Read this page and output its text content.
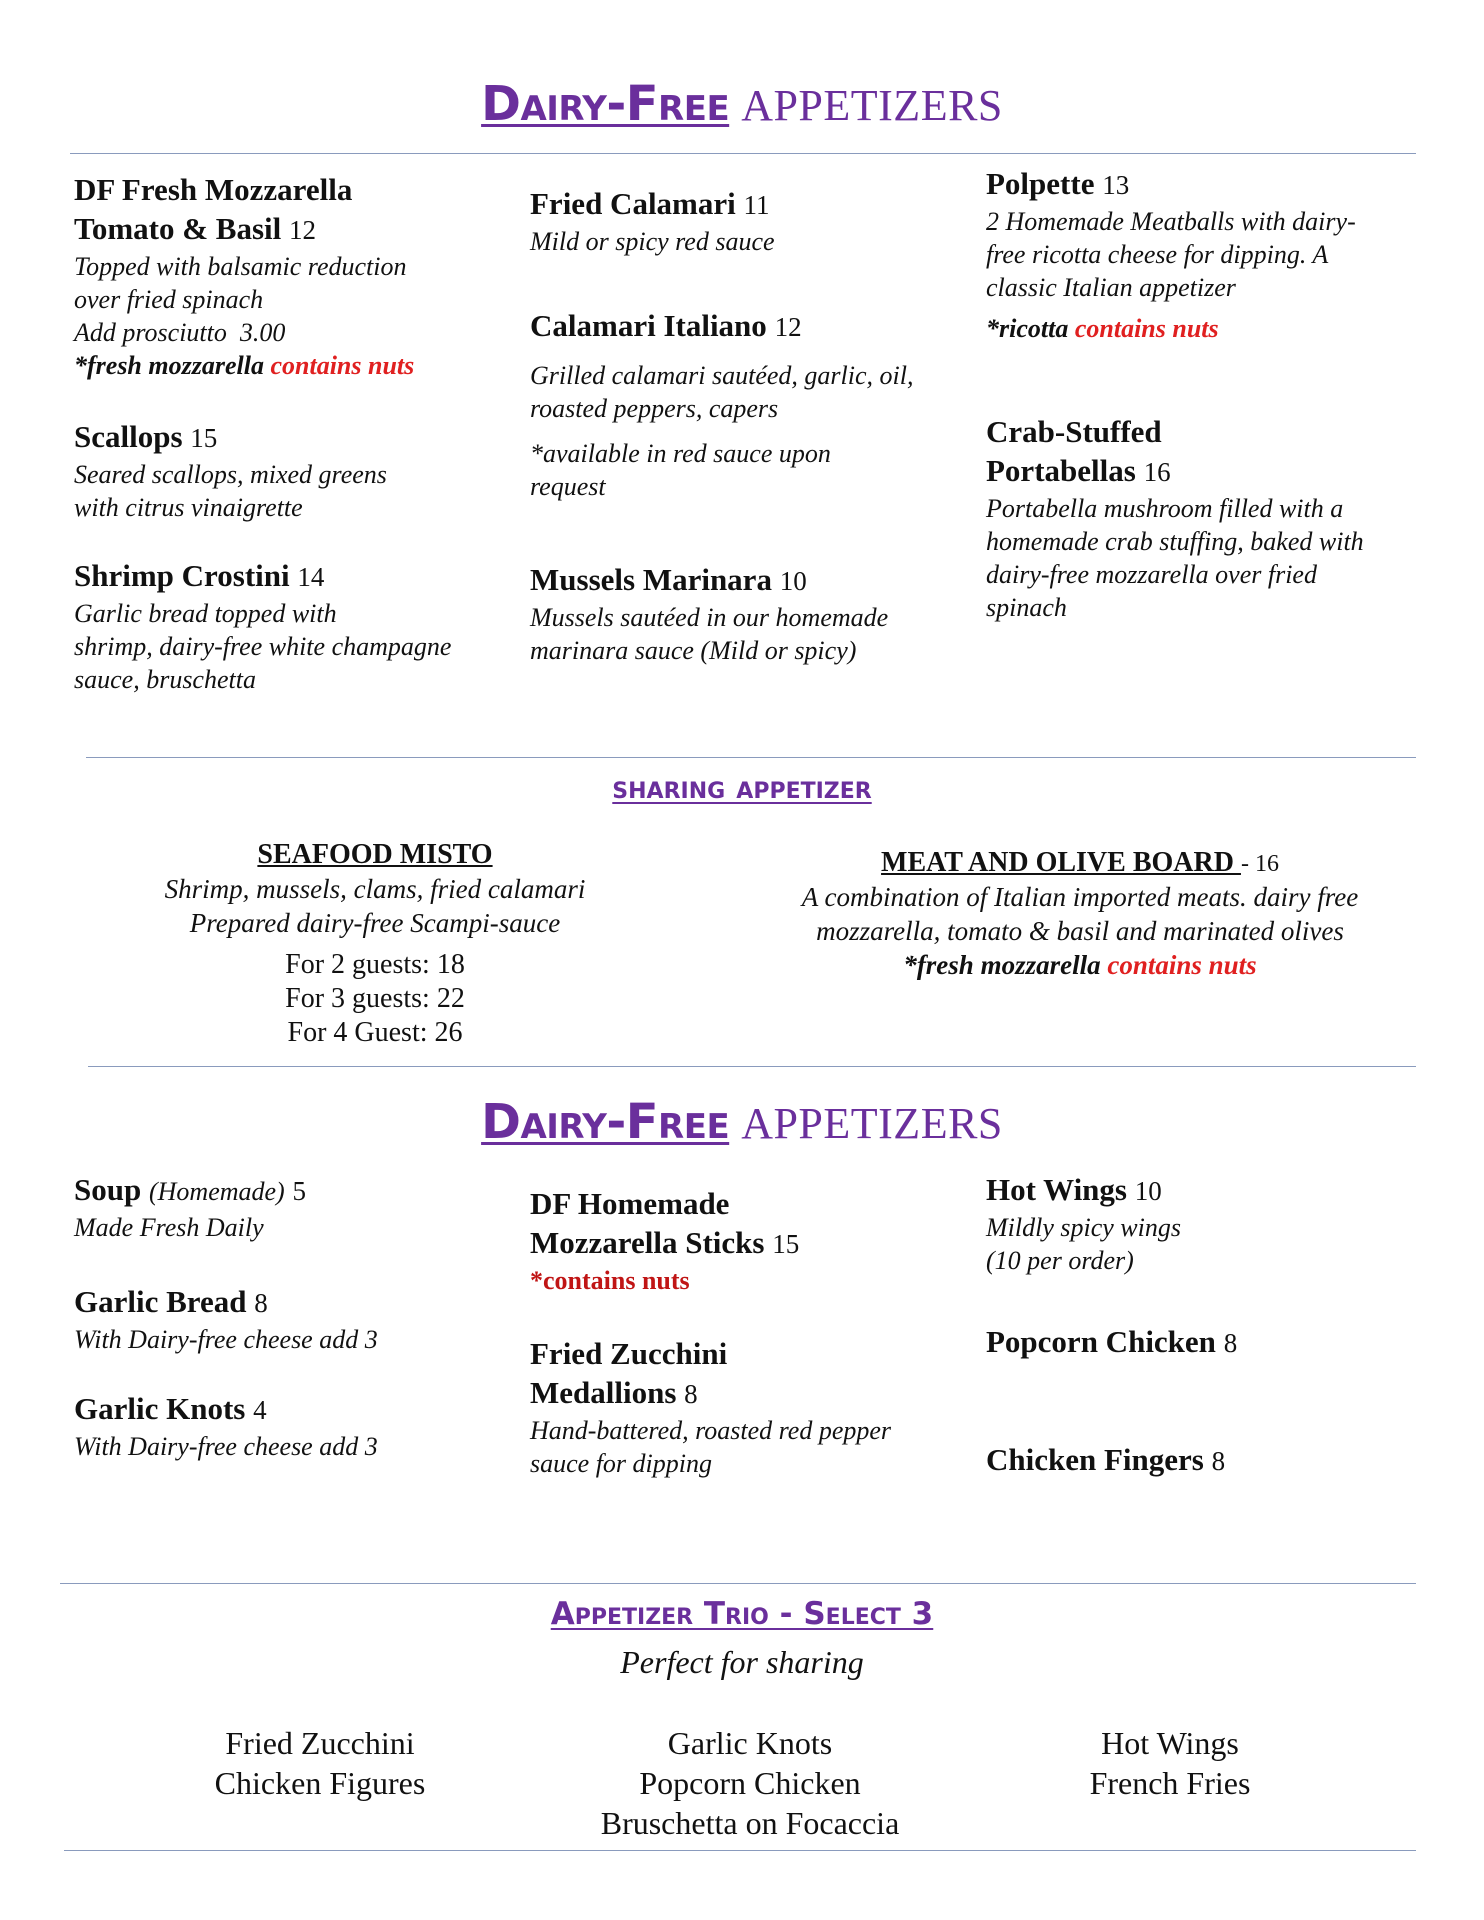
Dairy-Free APPETIZERS
DF Fresh Mozzarella
Tomato & Basil 12
Topped with balsamic reduction
over fried spinach
Add prosciutto  3.00
*fresh mozzarella contains nuts
Scallops 15
Seared scallops, mixed greens
with citrus vinaigrette
Shrimp Crostini 14
Garlic bread topped with
shrimp, dairy-free white champagne
sauce, bruschetta
Fried Calamari 11
Mild or spicy red sauce
Calamari Italiano 12
Grilled calamari sautéed, garlic, oil,
roasted peppers, capers
*available in red sauce upon
request
Mussels Marinara 10
Mussels sautéed in our homemade
marinara sauce (Mild or spicy)
Polpette 13
2 Homemade Meatballs with dairy-
free ricotta cheese for dipping. A
classic Italian appetizer
*ricotta contains nuts
Crab-Stuffed
Portabellas 16
Portabella mushroom filled with a
homemade crab stuffing, baked with
dairy-free mozzarella over fried
spinach
sharing appetizer
SEAFOOD MISTO
Shrimp, mussels, clams, fried calamari
Prepared dairy-free Scampi-sauce
For 2 guests: 18
For 3 guests: 22
For 4 Guest: 26
MEAT AND OLIVE BOARD - 16
A combination of Italian imported meats. dairy free
mozzarella, tomato & basil and marinated olives
*fresh mozzarella contains nuts
Dairy-Free APPETIZERS
Soup (Homemade) 5
Made Fresh Daily
Garlic Bread 8
With Dairy-free cheese add 3
Garlic Knots 4
With Dairy-free cheese add 3
DF Homemade
Mozzarella Sticks 15
*contains nuts
Fried Zucchini
Medallions 8
Hand-battered, roasted red pepper
sauce for dipping
Hot Wings 10
Mildly spicy wings
(10 per order)
Popcorn Chicken 8
Chicken Fingers 8
Appetizer Trio - Select 3
Perfect for sharing
Fried Zucchini
Chicken Figures
Garlic Knots
Popcorn Chicken
Bruschetta on Focaccia
Hot Wings
French Fries
